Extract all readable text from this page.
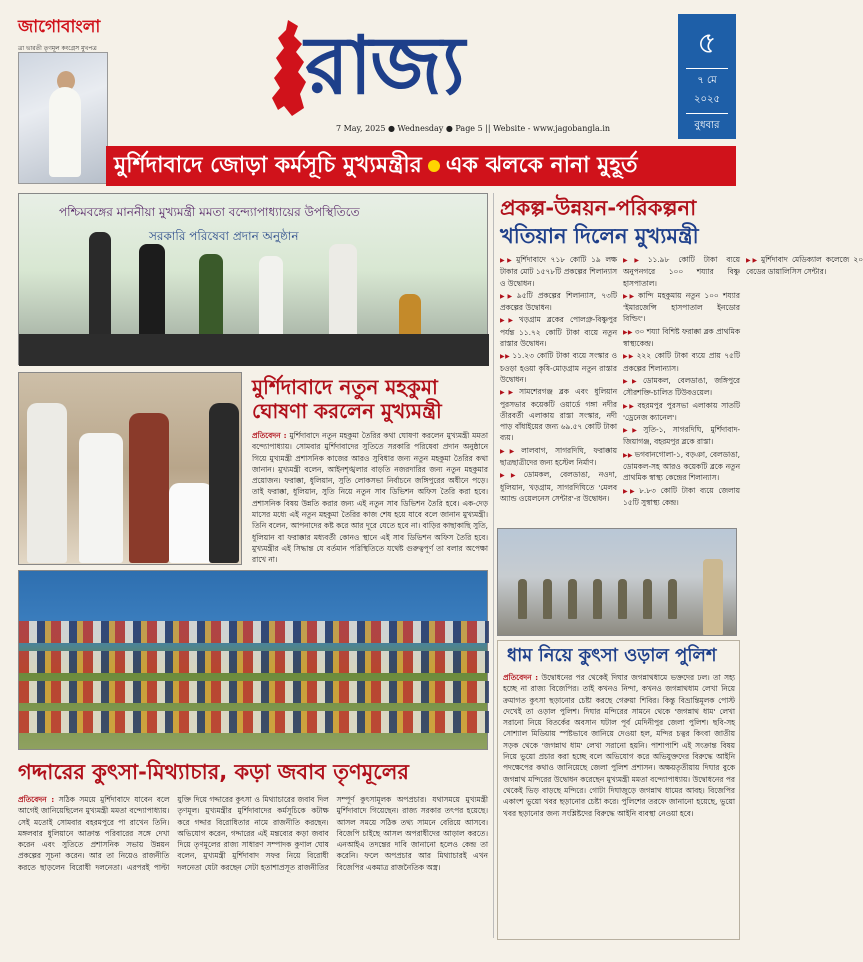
জাগোবাংলা
ত্রা ভারতী তৃণমূল কংগ্রেস মুখপত্র	রাজ্য
7 May, 2025 ● Wednesday ● Page 5 || Website - www.jagobangla.in
৫
৭ মে
২০২৫
বুধবার
মুর্শিদাবাদে জোড়া কর্মসূচি মুখ্যমন্ত্রীর এক ঝলকে নানা মুহূর্ত
পশ্চিমবঙ্গের মাননীয়া মুখ্যমন্ত্রী মমতা বন্দ্যোপাধ্যায়ের উপস্থিতিতে
সরকারি পরিষেবা প্রদান অনুষ্ঠান
প্রকল্প-উন্নয়ন-পরিকল্পনা
খতিয়ান দিলেন মুখ্যমন্ত্রী
▶▶ মুর্শিদাবাদে ৭১৮ কোটি ১৯ লক্ষ টাকার মোট ১৫৭৮টি প্রকল্পের শিলান্যাস ও উদ্বোধন।
▶▶ ৯৫টি প্রকল্পের শিলান্যাস, ৭৩টি প্রকল্পের উদ্বোধন।
▶▶ খড়গ্রাম ব্লকের পোলগ্রু-বিষ্ণুপুর পর্যন্ত ১১.৭২ কোটি টাকা ব্যয়ে নতুন রাস্তার উদ্বোধন।
▶▶ ১১.২৩ কোটি টাকা ব্যয়ে সংস্কার ও চওড়া হওয়া কৃষি-মোড়গ্রাম নতুন রাস্তার উদ্বোধন।
▶▶ সামশেরগঞ্জ ব্লক এবং ধুলিয়ান পুরসভার কয়েকটি ওয়ার্ডে গঙ্গা নদীর তীরবর্তী এলাকায় রাস্তা সংস্কার, নদী পাড় বাঁধাইয়ের জন্য ৬৯.৫৭ কোটি টাকা ব্যয়।
▶▶ লালবাগ, সাগরদিঘি, ফরাক্কায় ছাত্রছাত্রীদের জন্য হস্টেল নির্মাণ।
▶▶ ডোমকল, বেলডাঙা, নওদা, ধুলিয়ান, খড়গ্রাম, সাগরদিঘিতে 'মেলব অ্যান্ড ওয়েলনেস সেন্টার'-র উদ্বোধন।
▶▶ ১১.৯৮ কোটি টাকা ব্যয়ে অনুপনগরে ১০০ শয্যার বিষ্ণু হাসপাতাল।
▶▶ কান্দি মহকুমায় নতুন ১০০ শয্যার 'ইমারজেন্সি হাসপাতাল ইনডোর বিল্ডিং'।
▶▶ ৩০ শয্যা বিশিষ্ট ফরাক্কা ব্লক প্রাথমিক স্বাস্থ্যকেন্দ্র।
▶▶ ২২২ কোটি টাকা ব্যয়ে প্রায় ৭৫টি প্রকল্পের শিলান্যাস।
▶▶ ডোমকল, বেলডাঙা, জঙ্গিপুরে সৌরশক্তি-চালিত টিউবওয়েল।
▶▶ বহরমপুর পুরসভা এলাকায় সাতটি 'ড্রেনেজ ক্যানেল'।
▶▶ সুতি-১, সাগরদিঘি, মুর্শিদাবাদ-জিয়াগঞ্জ, বহরমপুর ব্লকে রাস্তা।
▶▶ ভগবানগোলা-১, বড়ঞা, বেলডাঙা, ডোমকল-সহ আরও কয়েকটি ব্লকে নতুন প্রাথমিক স্বাস্থ্য কেন্দ্রের শিলান্যাস।
▶▶ ৮.৮৩ কোটি টাকা ব্যয়ে জেলায় ১৫টি সুস্বাস্থ্য কেন্দ্র।
▶▶ মুর্শিদাবাদ মেডিক্যাল কলেজে ২০ বেডের ডায়ালিসিস সেন্টার।
মুর্শিদাবাদে নতুন মহকুমা
ঘোষণা করলেন মুখ্যমন্ত্রী
প্রতিবেদন : মুর্শিদাবাদে নতুন মহকুমা তৈরির কথা ঘোষণা করলেন মুখ্যমন্ত্রী মমতা বন্দ্যোপাধ্যায়। সোমবার মুর্শিদাবাদের সুতিতে সরকারি পরিষেবা প্রদান অনুষ্ঠানে গিয়ে মুখ্যমন্ত্রী প্রশাসনিক কাজের আরও সুবিধার জন্য নতুন মহকুমা তৈরির কথা জানান। মুখ্যমন্ত্রী বলেন, আইনশৃঙ্খলার বাড়তি নজরদারির জন্য নতুন মহকুমার প্রয়োজন। ফরাক্কা, ধুলিয়ান, সুতি লোকসভা নির্বাচনে জঙ্গিপুরের অধীনে পড়ে। তাই ফরাক্কা, ধুলিয়ান, সুতি নিয়ে নতুন সাব ডিভিশন অফিস তৈরি করা হবে। প্রশাসনিক বিষয় উন্নতি করার জন্য এই নতুন সাব ডিভিশন তৈরি হবে। এক-দেড় মাসের মধ্যে এই নতুন মহকুমা তৈরির কাজ শেষ হয়ে যাবে বলে জানান মুখ্যমন্ত্রী। তিনি বলেন, আপনাদের কষ্ট করে আর দূরে যেতে হবে না। বাড়ির কাছাকাছি সুতি, ধুলিয়ান বা ফরাক্কার মধ্যবর্তী কোনও স্থানে এই সাব ডিভিশন অফিস তৈরি হবে। মুখ্যমন্ত্রীর এই সিদ্ধান্ত যে বর্তমান পরিস্থিতিতে যথেষ্ট গুরুত্বপূর্ণ তা বলার অপেক্ষা রাখে না।
ধাম নিয়ে কুৎসা ওড়াল পুলিশ
প্রতিবেদন : উদ্বোধনের পর থেকেই দিঘার জগন্নাথধামে ভক্তদের ঢল। তা সহ্য হচ্ছে না রাজ্য বিজেপির। তাই কখনও নিন্দা, কখনও জগন্নাথধাম লেখা নিয়ে ক্রমাগত কুৎসা ছড়ানোর চেষ্টা করছে গেরুয়া শিবির। কিন্তু বিভ্রান্তিমূলক পোস্ট দেখেই তা ওড়াল পুলিশ। দিঘার মন্দিরের সামনে থেকে 'জগন্নাথ ধাম' লেখা সরানো নিয়ে বিতর্কের অবসান ঘটাল পূর্ব মেদিনীপুর জেলা পুলিশ। ছবি-সহ সোশ্যাল মিডিয়ায় স্পষ্টভাবে জানিয়ে দেওয়া হল, মন্দির চত্বর কিংবা জাতীয় সড়ক থেকে 'জগন্নাথ ধাম' লেখা সরানো হয়নি। পাশাপাশি এই সংক্রান্ত বিষয় নিয়ে ভুয়ো প্রচার করা হচ্ছে বলে অভিযোগ করে অভিযুক্তদের বিরুদ্ধে আইনি পদক্ষেপের কথাও জানিয়েছে জেলা পুলিশ প্রশাসন। অক্ষয়তৃতীয়ায় দিঘার বুকে জগন্নাথ মন্দিরের উদ্বোধন করেছেন মুখ্যমন্ত্রী মমতা বন্দ্যোপাধ্যায়। উদ্বোধনের পর থেকেই ভিড় বাড়ছে মন্দিরে। গোটা দিঘাজুড়ে জগন্নাথ ধামের আবহ। বিজেপির একাংশ ভুয়ো খবর ছড়ানোর চেষ্টা করে। পুলিশের তরফে জানানো হয়েছে, ভুয়ো খবর ছড়ানোর জন্য সংশ্লিষ্টদের বিরুদ্ধে আইনি ব্যবস্থা নেওয়া হবে।
গদ্দারের কুৎসা-মিথ্যাচার, কড়া জবাব তৃণমূলের
প্রতিবেদন : সঠিক সময়ে মুর্শিদাবাদে যাবেন বলে আগেই জানিয়েছিলেন মুখ্যমন্ত্রী মমতা বন্দ্যোপাধ্যায়। সেই মতোই সোমবার বহরমপুরে পা রাখেন তিনি। মঙ্গলবার ধুলিয়ানে আক্রান্ত পরিবারের সঙ্গে দেখা করেন এবং সুতিতে প্রশাসনিক সভায় উন্নয়ন প্রকল্পের সূচনা করেন। আর তা নিয়েও রাজনীতি করতে ছাড়লেন বিরোধী দলনেতা। এরপরই পাল্টা যুক্তি দিয়ে গদ্দারের কুৎসা ও মিথ্যাচারের জবাব দিল তৃণমূল। মুখ্যমন্ত্রীর মুর্শিদাবাদের কর্মসূচিকে কটাক্ষ করে গদ্দার বিরোধিতার নামে রাজনীতি করছেন। অভিযোগ করেন, গদ্দারের এই মন্তব্যের কড়া জবাব দিয়ে তৃণমূলের রাজ্য সাধারণ সম্পাদক কুণাল ঘোষ বলেন, মুখ্যমন্ত্রী মুর্শিদাবাদ সফর নিয়ে বিরোধী দলনেতা যেটা করছেন সেটা হতাশাপ্রসূত রাজনীতির সম্পূর্ণ কুৎসামূলক অপপ্রচার। যথাসময়ে মুখ্যমন্ত্রী মুর্শিদাবাদে গিয়েছেন। রাজ্য সরকার তৎপর হয়েছে। আসল সময়ে সঠিক তথ্য সামনে বেরিয়ে আসবে। বিজেপি চাইছে আসল অপরাধীদের আড়াল করতে। এনআইএ তদন্তের দাবি জানানো হলেও কেন্দ্র তা করেনি। ফলে অপপ্রচার আর মিথ্যাচারই এখন বিজেপির একমাত্র রাজনৈতিক অস্ত্র।
